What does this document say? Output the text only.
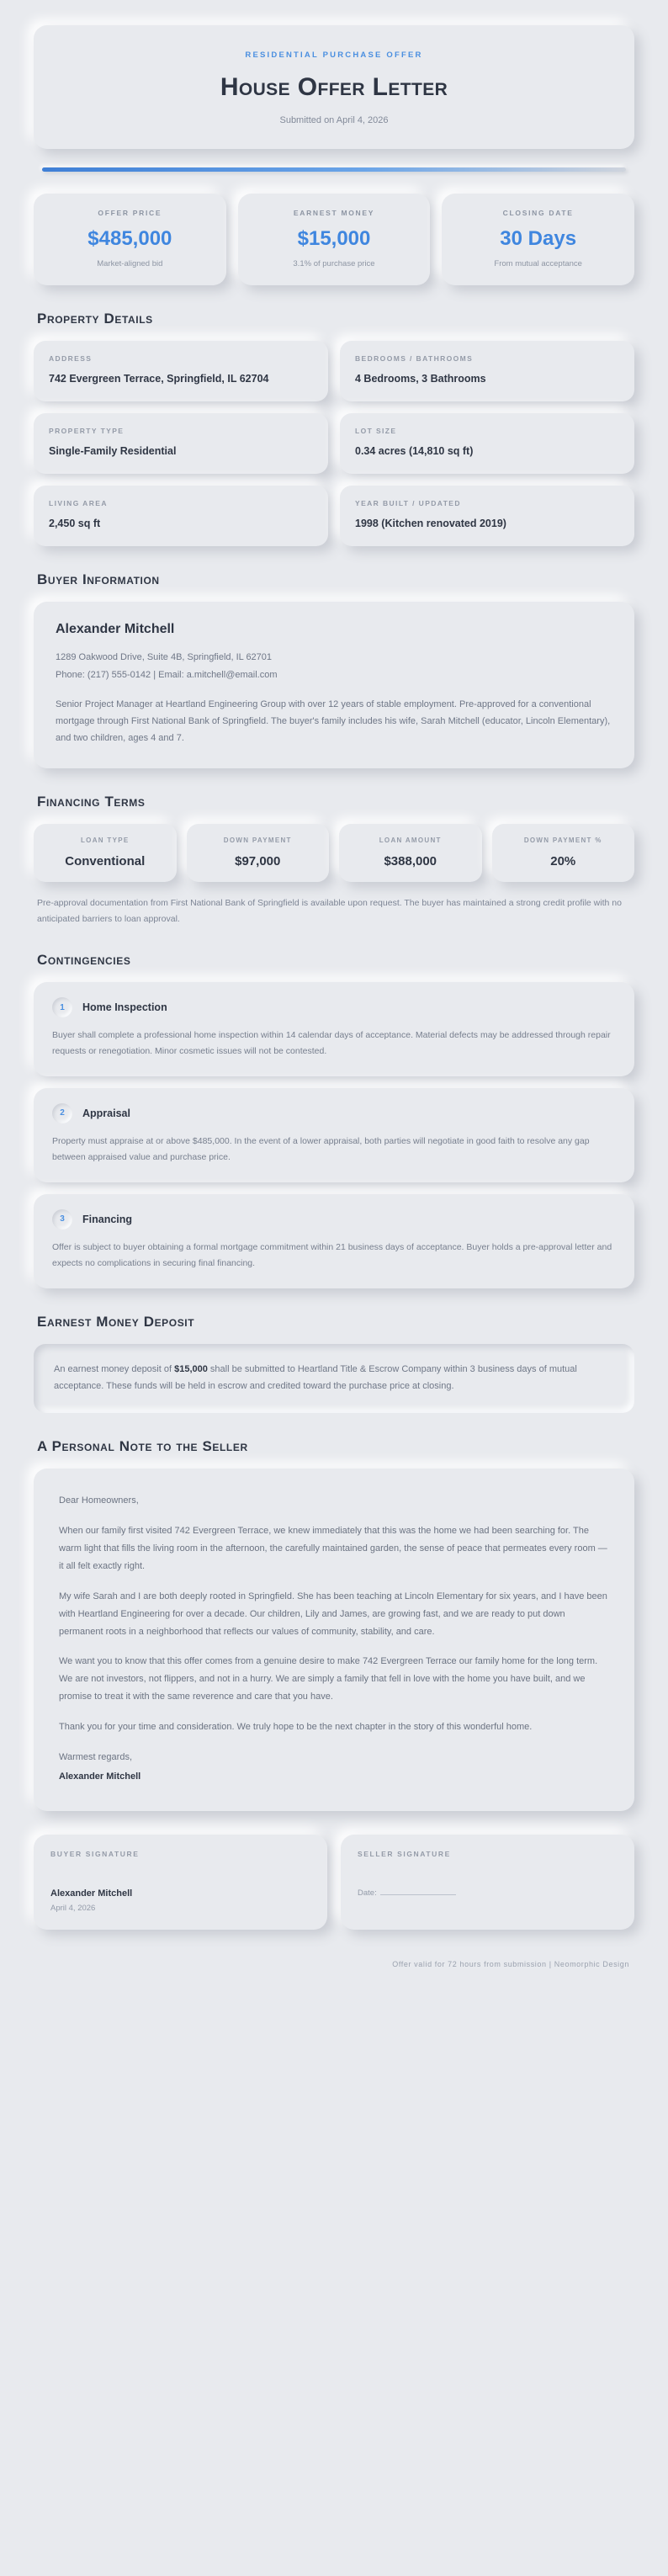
RESIDENTIAL PURCHASE OFFER
House Offer Letter
Submitted on April 4, 2026
OFFER PRICE
$485,000
Market-aligned bid
EARNEST MONEY
$15,000
3.1% of purchase price
CLOSING DATE
30 Days
From mutual acceptance
Property Details
ADDRESS
742 Evergreen Terrace, Springfield, IL 62704
BEDROOMS / BATHROOMS
4 Bedrooms, 3 Bathrooms
PROPERTY TYPE
Single-Family Residential
LOT SIZE
0.34 acres (14,810 sq ft)
LIVING AREA
2,450 sq ft
YEAR BUILT / UPDATED
1998 (Kitchen renovated 2019)
Buyer Information
Alexander Mitchell
1289 Oakwood Drive, Suite 4B, Springfield, IL 62701
Phone: (217) 555-0142 | Email: a.mitchell@email.com
Senior Project Manager at Heartland Engineering Group with over 12 years of stable employment. Pre-approved for a conventional mortgage through First National Bank of Springfield. The buyer's family includes his wife, Sarah Mitchell (educator, Lincoln Elementary), and two children, ages 4 and 7.
Financing Terms
LOAN TYPE
Conventional
DOWN PAYMENT
$97,000
LOAN AMOUNT
$388,000
DOWN PAYMENT %
20%
Pre-approval documentation from First National Bank of Springfield is available upon request. The buyer has maintained a strong credit profile with no anticipated barriers to loan approval.
Contingencies
1	Home Inspection
Buyer shall complete a professional home inspection within 14 calendar days of acceptance. Material defects may be addressed through repair requests or renegotiation. Minor cosmetic issues will not be contested.
2	Appraisal
Property must appraise at or above $485,000. In the event of a lower appraisal, both parties will negotiate in good faith to resolve any gap between appraised value and purchase price.
3	Financing
Offer is subject to buyer obtaining a formal mortgage commitment within 21 business days of acceptance. Buyer holds a pre-approval letter and expects no complications in securing final financing.
Earnest Money Deposit
An earnest money deposit of $15,000 shall be submitted to Heartland Title & Escrow Company within 3 business days of mutual acceptance. These funds will be held in escrow and credited toward the purchase price at closing.
A Personal Note to the Seller

Dear Homeowners,

When our family first visited 742 Evergreen Terrace, we knew immediately that this was the home we had been searching for. The warm light that fills the living room in the afternoon, the carefully maintained garden, the sense of peace that permeates every room — it all felt exactly right.

My wife Sarah and I are both deeply rooted in Springfield. She has been teaching at Lincoln Elementary for six years, and I have been with Heartland Engineering for over a decade. Our children, Lily and James, are growing fast, and we are ready to put down permanent roots in a neighborhood that reflects our values of community, stability, and care.

We want you to know that this offer comes from a genuine desire to make 742 Evergreen Terrace our family home for the long term. We are not investors, not flippers, and not in a hurry. We are simply a family that fell in love with the home you have built, and we promise to treat it with the same reverence and care that you have.

Thank you for your time and consideration. We truly hope to be the next chapter in the story of this wonderful home.

Warmest regards,

Alexander Mitchell

BUYER SIGNATURE
Alexander Mitchell
April 4, 2026
SELLER SIGNATURE
Date:
Offer valid for 72 hours from submission | Neomorphic Design
